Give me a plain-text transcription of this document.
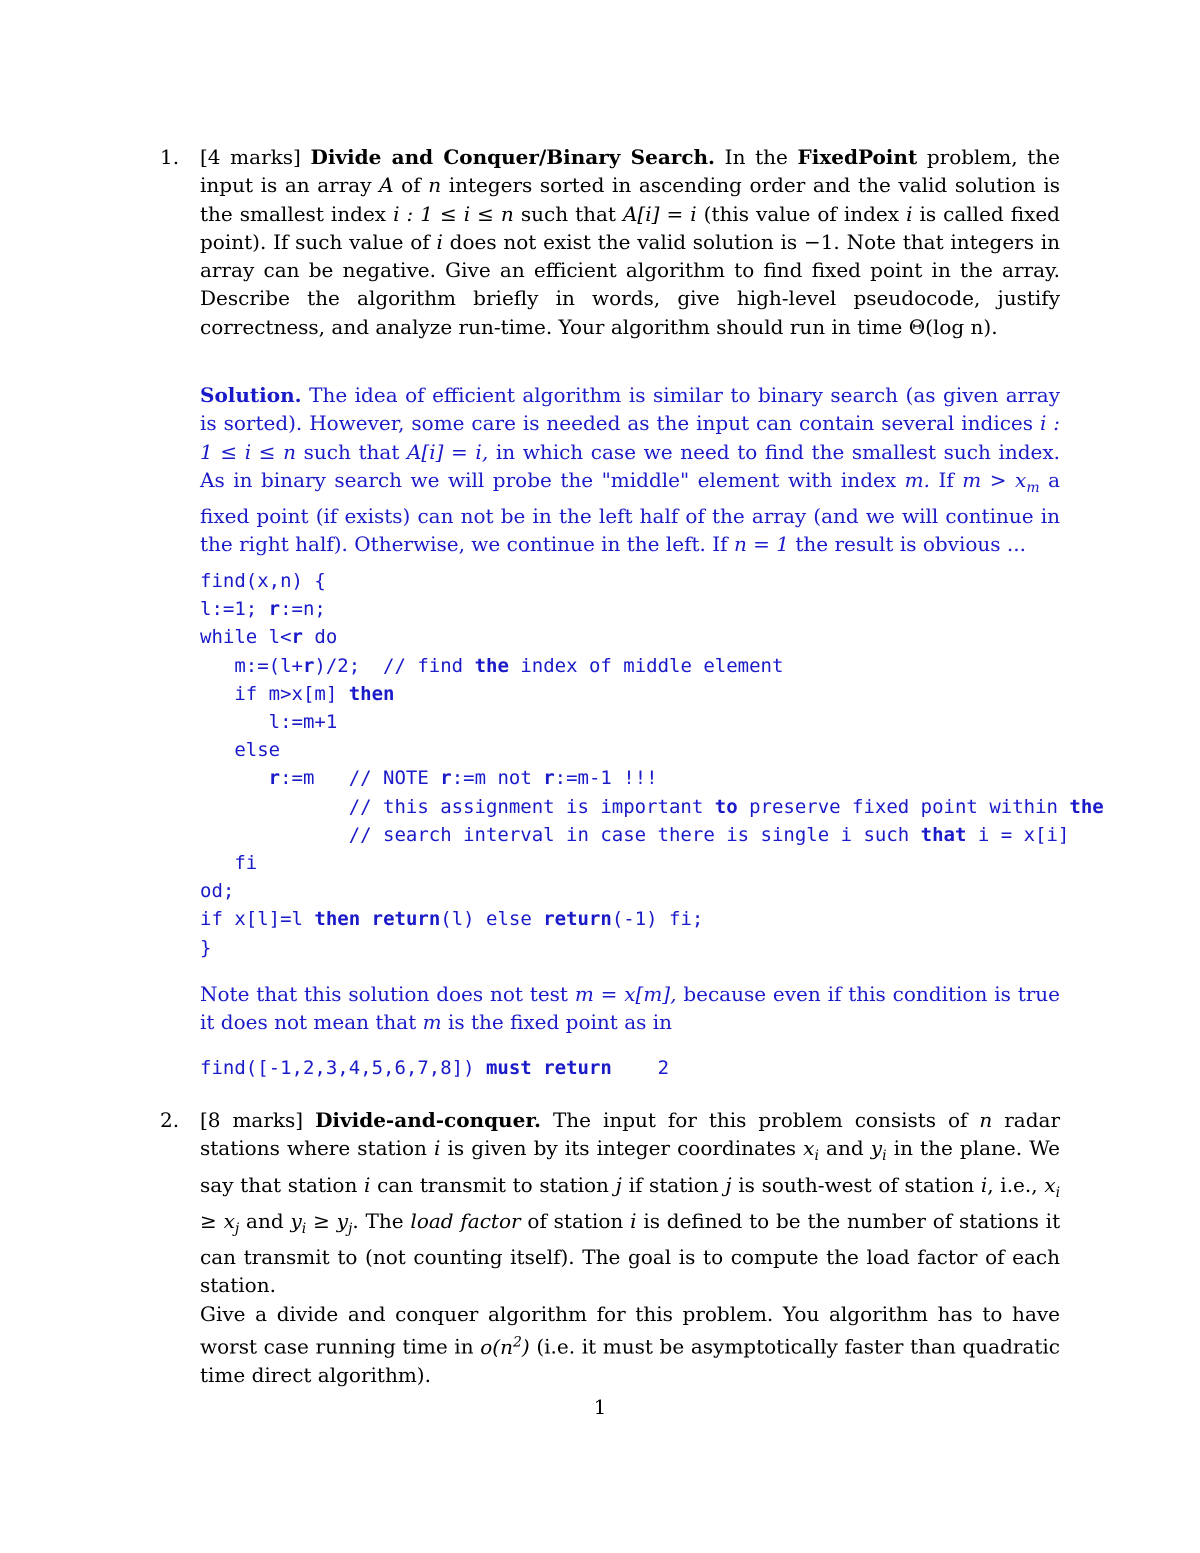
1. [4 marks] Divide and Conquer/Binary Search. In the FixedPoint problem, the input is an array A of n integers sorted in ascending order and the valid solution is the smallest index i : 1 ≤ i ≤ n such that A[i] = i (this value of index i is called fixed point). If such value of i does not exist the valid solution is −1. Note that integers in array can be negative. Give an efficient algorithm to find fixed point in the array. Describe the algorithm briefly in words, give high-level pseudocode, justify correctness, and analyze run-time. Your algorithm should run in time Θ(log n).
Solution. The idea of efficient algorithm is similar to binary search (as given array is sorted). However, some care is needed as the input can contain several indices i : 1 ≤ i ≤ n such that A[i] = i, in which case we need to find the smallest such index. As in binary search we will probe the "middle" element with index m. If $m > x_m$ a fixed point (if exists) can not be in the left half of the array (and we will continue in the right half). Otherwise, we continue in the left. If n = 1 the result is obvious ...
find(x,n) {
l:=1; r:=n;
while l<r do
m:=(l+r)/2;  // find the index of middle element
if m>x[m] then
l:=m+1
else
r:=m   // NOTE r:=m not r:=m-1 !!!
// this assignment is important to preserve fixed point within the
// search interval in case there is single i such that i = x[i]
fi
od;
if x[l]=l then return(l) else return(-1) fi;
}
Note that this solution does not test m = x[m], because even if this condition is true it does not mean that m is the fixed point as in
find([-1,2,3,4,5,6,7,8]) must return    2
2. [8 marks] Divide-and-conquer. The input for this problem consists of n radar stations where station i is given by its integer coordinates $x_i$ and $y_i$ in the plane. We say that station i can transmit to station j if station j is south-west of station i, i.e., $x_i \ge x_j$ and $y_i \ge y_j$. The load factor of station i is defined to be the number of stations it can transmit to (not counting itself). The goal is to compute the load factor of each station.
Give a divide and conquer algorithm for this problem. You algorithm has to have worst case running time in $o(n^2)$ (i.e. it must be asymptotically faster than quadratic time direct algorithm).
1
